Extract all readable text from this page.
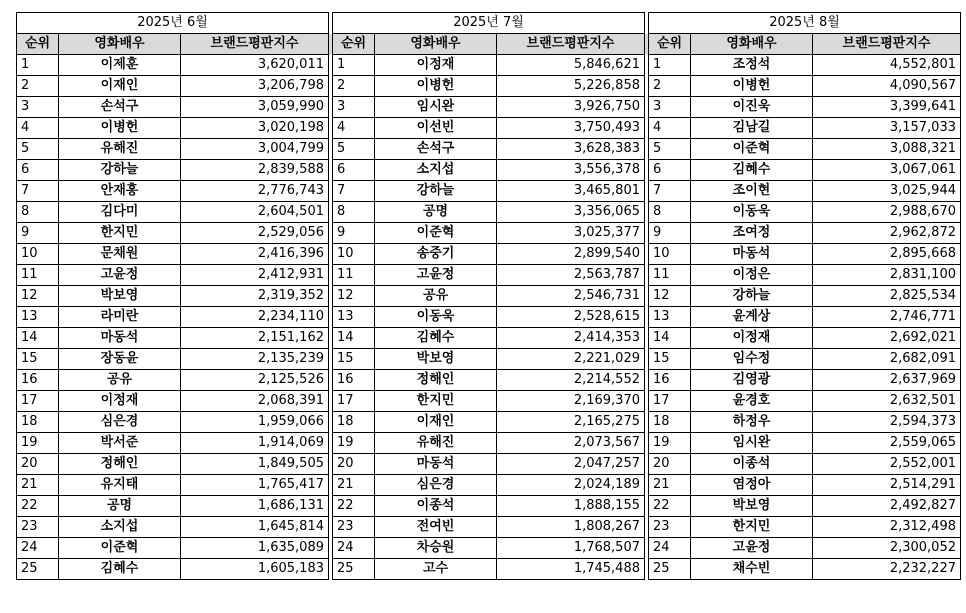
2025년 6월				2025년 7월				2025년 8월		
순위	영화배우	브랜드평판지수		순위	영화배우	브랜드평판지수		순위	영화배우	브랜드평판지수
1	이제훈	3,620,011		1	이정재	5,846,621		1	조정석	4,552,801
2	이재인	3,206,798		2	이병헌	5,226,858		2	이병헌	4,090,567
3	손석구	3,059,990		3	임시완	3,926,750		3	이진욱	3,399,641
4	이병헌	3,020,198		4	이선빈	3,750,493		4	김남길	3,157,033
5	유해진	3,004,799		5	손석구	3,628,383		5	이준혁	3,088,321
6	강하늘	2,839,588		6	소지섭	3,556,378		6	김혜수	3,067,061
7	안재홍	2,776,743		7	강하늘	3,465,801		7	조이현	3,025,944
8	김다미	2,604,501		8	공명	3,356,065		8	이동욱	2,988,670
9	한지민	2,529,056		9	이준혁	3,025,377		9	조여정	2,962,872
10	문채원	2,416,396		10	송중기	2,899,540		10	마동석	2,895,668
11	고윤정	2,412,931		11	고윤정	2,563,787		11	이정은	2,831,100
12	박보영	2,319,352		12	공유	2,546,731		12	강하늘	2,825,534
13	라미란	2,234,110		13	이동욱	2,528,615		13	윤계상	2,746,771
14	마동석	2,151,162		14	김혜수	2,414,353		14	이정재	2,692,021
15	장동윤	2,135,239		15	박보영	2,221,029		15	임수정	2,682,091
16	공유	2,125,526		16	정해인	2,214,552		16	김영광	2,637,969
17	이정재	2,068,391		17	한지민	2,169,370		17	윤경호	2,632,501
18	심은경	1,959,066		18	이재인	2,165,275		18	하정우	2,594,373
19	박서준	1,914,069		19	유해진	2,073,567		19	임시완	2,559,065
20	정해인	1,849,505		20	마동석	2,047,257		20	이종석	2,552,001
21	유지태	1,765,417		21	심은경	2,024,189		21	염정아	2,514,291
22	공명	1,686,131		22	이종석	1,888,155		22	박보영	2,492,827
23	소지섭	1,645,814		23	전여빈	1,808,267		23	한지민	2,312,498
24	이준혁	1,635,089		24	차승원	1,768,507		24	고윤정	2,300,052
25	김혜수	1,605,183		25	고수	1,745,488		25	채수빈	2,232,227
